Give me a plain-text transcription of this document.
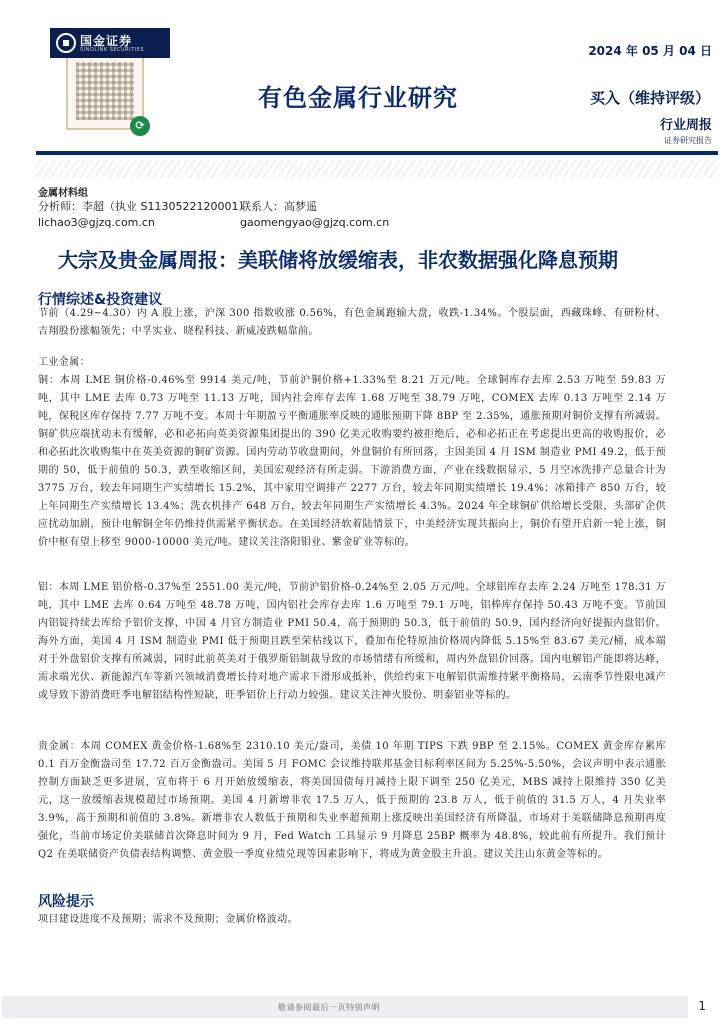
⟳
国金证券
SINOLINK SECURITIES	2024 年 05 月 04 日
有色金属行业研究	买入（维持评级）
行业周报
证券研究报告
金属材料组
分析师：李超（执业 S1130522120001）
lichao3@gjzq.com.cn
联系人：高梦遥
gaomengyao@gjzq.com.cn
大宗及贵金属周报：美联储将放缓缩表，非农数据强化降息预期
行情综述&投资建议
节前（4.29~4.30）内 A 股上涨，沪深 300 指数收涨 0.56%，有色金属跑输大盘，收跌-1.34%。个股层面，西藏珠峰、有研粉材、吉翔股份涨幅领先；中孚实业、晓程科技、新威凌跌幅靠前。
工业金属：
铜：本周 LME 铜价格-0.46%至 9914 美元/吨，节前沪铜价格+1.33%至 8.21 万元/吨。全球铜库存去库 2.53 万吨至 59.83 万吨，其中 LME 去库 0.73 万吨至 11.13 万吨，国内社会库存去库 1.68 万吨至 38.79 万吨，COMEX 去库 0.13 万吨至 2.14 万吨，保税区库存保持 7.77 万吨不变。本周十年期盈亏平衡通胀率反映的通胀预期下降 8BP 至 2.35%，通胀预期对铜价支撑有所减弱。铜矿供应端扰动未有缓解，必和必拓向英美资源集团提出的 390 亿美元收购要约被拒绝后，必和必拓正在考虑提出更高的收购报价，必和必拓此次收购集中在英美资源的铜矿资源。国内劳动节收盘期间，外盘铜价有所回落，主因美国 4 月 ISM 制造业 PMI 49.2，低于预期的 50，低于前值的 50.3，跌至收缩区间，美国宏观经济有所走弱。下游消费方面，产业在线数据显示，5 月空冰洗排产总量合计为 3775 万台，较去年同期生产实绩增长 15.2%，其中家用空调排产 2277 万台，较去年同期实绩增长 19.4%；冰箱排产 850 万台，较上年同期生产实绩增长 13.4%；洗衣机排产 648 万台，较去年同期生产实绩增长 4.3%。2024 年全球铜矿供给增长受限，头部矿企供应扰动加剧，预计电解铜全年仍维持供需紧平衡状态。在美国经济软着陆情景下，中美经济实现共振向上，铜价有望开启新一轮上涨，铜价中枢有望上移至 9000-10000 美元/吨。建议关注洛阳钼业、紫金矿业等标的。
铝：本周 LME 铝价格-0.37%至 2551.00 美元/吨，节前沪铝价格-0.24%至 2.05 万元/吨。全球铝库存去库 2.24 万吨至 178.31 万吨，其中 LME 去库 0.64 万吨至 48.78 万吨，国内铝社会库存去库 1.6 万吨至 79.1 万吨，铝棒库存保持 50.43 万吨不变。节前国内铝锭持续去库给予铝价支撑，中国 4 月官方制造业 PMI 50.4，高于预期的 50.3，低于前值的 50.9，国内经济向好提振内盘铝价。海外方面，美国 4 月 ISM 制造业 PMI 低于预期且跌至荣枯线以下，叠加布伦特原油价格周内降低 5.15%至 83.67 美元/桶，成本端对于外盘铝价支撑有所减弱，同时此前英美对于俄罗斯铝制裁导致的市场情绪有所缓和，周内外盘铝价回落。国内电解铝产能即将达峰，需求端光伏、新能源汽车等新兴领域消费增长持对地产需求下滑形成抵补，供给约束下电解铝供需维持紧平衡格局，云南季节性限电减产或导致下游消费旺季电解铝结构性短缺，旺季铝价上行动力较强。建议关注神火股份、明泰铝业等标的。
贵金属：本周 COMEX 黄金价格-1.68%至 2310.10 美元/盎司，美债 10 年期 TIPS 下跌 9BP 至 2.15%。COMEX 黄金库存累库 0.1 百万金衡盎司至 17.72 百万金衡盎司。美国 5 月 FOMC 会议维持联邦基金目标利率区间为 5.25%-5.50%，会议声明中表示通胀控制方面缺乏更多进展，宣布将于 6 月开始放缓缩表，将美国国债每月减持上限下调至 250 亿美元，MBS 减持上限维持 350 亿美元，这一放缓缩表规模超过市场预期。美国 4 月新增非农 17.5 万人，低于预期的 23.8 万人，低于前值的 31.5 万人，4 月失业率 3.9%，高于预期和前值的 3.8%。新增非农人数低于预期和失业率超预期上涨反映出美国经济有所降温，市场对于美联储降息预期再度强化，当前市场定价美联储首次降息时间为 9 月，Fed Watch 工具显示 9 月降息 25BP 概率为 48.8%，较此前有所提升。我们预计 Q2 在美联储资产负债表结构调整、黄金股一季度业绩兑现等因素影响下，将成为黄金股主升浪。建议关注山东黄金等标的。
风险提示
项目建设进度不及预期；需求不及预期；金属价格波动。
敬请参阅最后一页特别声明	1
